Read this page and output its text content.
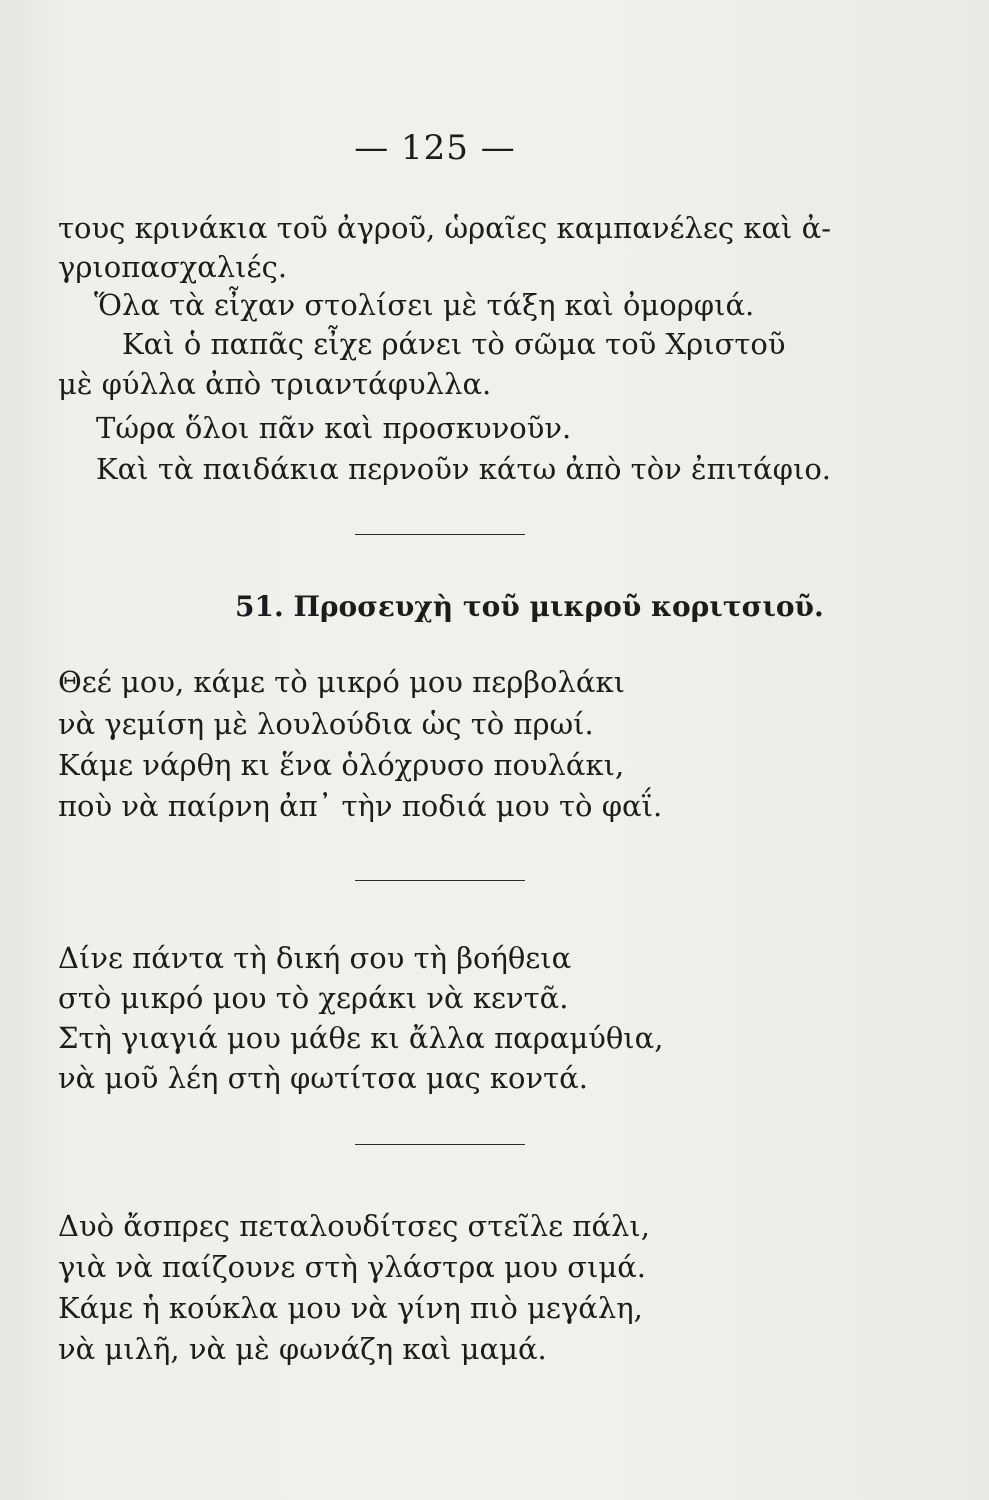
— 125 —
τους κρινάκια τοῦ ἀγροῦ, ὡραῖες καμπανέλες καὶ ἀ-
γριοπασχαλιές.
Ὅλα τὰ εἶχαν στολίσει μὲ τάξη καὶ ὀμορφιά.
Καὶ ὁ παπᾶς εἶχε ράνει τὸ σῶμα τοῦ Χριστοῦ
μὲ φύλλα ἀπὸ τριαντάφυλλα.
Τώρα ὅλοι πᾶν καὶ προσκυνοῦν.
Καὶ τὰ παιδάκια περνοῦν κάτω ἀπὸ τὸν ἐπιτάφιο.
51. Προσευχὴ τοῦ μικροῦ κοριτσιοῦ.
Θεέ μου, κάμε τὸ μικρό μου περβολάκι
νὰ γεμίση μὲ λουλούδια ὡς τὸ πρωί.
Κάμε νάρθη κι ἕνα ὁλόχρυσο πουλάκι,
ποὺ νὰ παίρνη ἀπ᾽ τὴν ποδιά μου τὸ φαΐ.
Δίνε πάντα τὴ δική σου τὴ βοήθεια
στὸ μικρό μου τὸ χεράκι νὰ κεντᾶ.
Στὴ γιαγιά μου μάθε κι ἄλλα παραμύθια,
νὰ μοῦ λέη στὴ φωτίτσα μας κοντά.
Δυὸ ἄσπρες πεταλουδίτσες στεῖλε πάλι,
γιὰ νὰ παίζουνε στὴ γλάστρα μου σιμά.
Κάμε ἡ κούκλα μου νὰ γίνη πιὸ μεγάλη,
νὰ μιλῆ, νὰ μὲ φωνάζη καὶ μαμά.
